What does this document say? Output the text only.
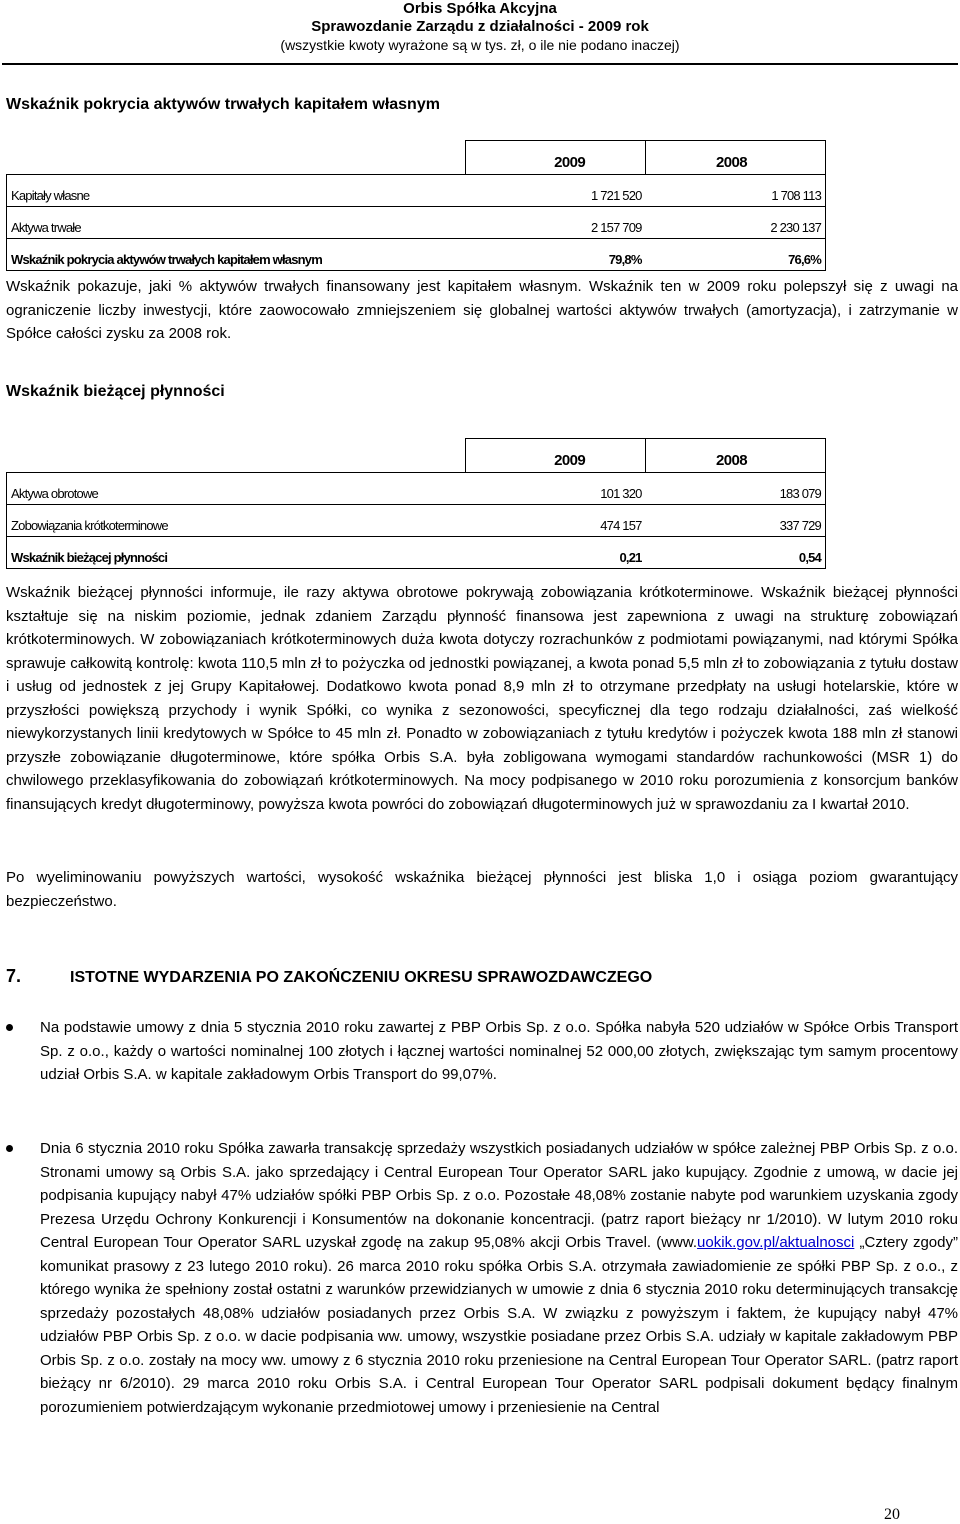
Orbis Spółka Akcyjna
Sprawozdanie Zarządu z działalności - 2009 rok
(wszystkie kwoty wyrażone są w tys. zł, o ile nie podano inaczej)
Wskaźnik pokrycia aktywów trwałych kapitałem własnym
	2009	2008
Kapitały własne	1 721 520	1 708 113
Aktywa trwałe	2 157 709	2 230 137
Wskaźnik pokrycia aktywów trwałych kapitałem własnym	79,8%	76,6%
Wskaźnik pokazuje, jaki % aktywów trwałych finansowany jest kapitałem własnym. Wskaźnik ten w 2009 roku polepszył się z uwagi na ograniczenie liczby inwestycji, które zaowocowało zmniejszeniem się globalnej wartości aktywów trwałych (amortyzacja), i zatrzymanie w Spółce całości zysku za 2008 rok.
Wskaźnik bieżącej płynności
	2009	2008
Aktywa obrotowe	101 320	183 079
Zobowiązania krótkoterminowe	474 157	337 729
Wskaźnik bieżącej płynności	0,21	0,54
Wskaźnik bieżącej płynności informuje, ile razy aktywa obrotowe pokrywają zobowiązania krótkoterminowe. Wskaźnik bieżącej płynności kształtuje się na niskim poziomie, jednak zdaniem Zarządu płynność finansowa jest zapewniona z uwagi na strukturę zobowiązań krótkoterminowych. W zobowiązaniach krótkoterminowych duża kwota dotyczy rozrachunków z podmiotami powiązanymi, nad którymi Spółka sprawuje całkowitą kontrolę: kwota 110,5 mln zł to pożyczka od jednostki powiązanej, a kwota ponad 5,5 mln zł to zobowiązania z tytułu dostaw i usług od jednostek z jej Grupy Kapitałowej. Dodatkowo kwota ponad 8,9 mln zł to otrzymane przedpłaty na usługi hotelarskie, które w przyszłości powiększą przychody i wynik Spółki, co wynika z sezonowości, specyficznej dla tego rodzaju działalności, zaś wielkość niewykorzystanych linii kredytowych w Spółce to 45 mln zł. Ponadto w zobowiązaniach z tytułu kredytów i pożyczek kwota 188 mln zł stanowi przyszłe zobowiązanie długoterminowe, które spółka Orbis S.A. była zobligowana wymogami standardów rachunkowości (MSR 1) do chwilowego przeklasyfikowania do zobowiązań krótkoterminowych. Na mocy podpisanego w 2010 roku porozumienia z konsorcjum banków finansujących kredyt długoterminowy, powyższa kwota powróci do zobowiązań długoterminowych już w sprawozdaniu za I kwartał 2010.
Po wyeliminowaniu powyższych wartości, wysokość wskaźnika bieżącej płynności jest bliska 1,0 i osiąga poziom gwarantujący bezpieczeństwo.
7.	ISTOTNE WYDARZENIA PO ZAKOŃCZENIU OKRESU SPRAWOZDAWCZEGO
Na podstawie umowy z dnia 5 stycznia 2010 roku zawartej z PBP Orbis Sp. z o.o. Spółka nabyła 520 udziałów w Spółce Orbis Transport Sp. z o.o., każdy o wartości nominalnej 100 złotych i łącznej wartości nominalnej 52 000,00 złotych, zwiększając tym samym procentowy udział Orbis S.A. w kapitale zakładowym Orbis Transport do 99,07%.
Dnia 6 stycznia 2010 roku Spółka zawarła transakcję sprzedaży wszystkich posiadanych udziałów w spółce zależnej PBP Orbis Sp. z o.o. Stronami umowy są Orbis S.A. jako sprzedający i Central European Tour Operator SARL jako kupujący. Zgodnie z umową, w dacie jej podpisania kupujący nabył 47% udziałów spółki PBP Orbis Sp. z o.o. Pozostałe 48,08% zostanie nabyte pod warunkiem uzyskania zgody Prezesa Urzędu Ochrony Konkurencji i Konsumentów na dokonanie koncentracji. (patrz raport bieżący nr 1/2010). W lutym 2010 roku Central European Tour Operator SARL uzyskał zgodę na zakup 95,08% akcji Orbis Travel. (www.uokik.gov.pl/aktualnosci „Cztery zgody” komunikat prasowy z 23 lutego 2010 roku). 26 marca 2010 roku spółka Orbis S.A. otrzymała zawiadomienie ze spółki PBP Sp. z o.o., z którego wynika że spełniony został ostatni z warunków przewidzianych w umowie z dnia 6 stycznia 2010 roku determinujących transakcję sprzedaży pozostałych 48,08% udziałów posiadanych przez Orbis S.A. W związku z powyższym i faktem, że kupujący nabył 47% udziałów PBP Orbis Sp. z o.o. w dacie podpisania ww. umowy, wszystkie posiadane przez Orbis S.A. udziały w kapitale zakładowym PBP Orbis Sp. z o.o. zostały na mocy ww. umowy z 6 stycznia 2010 roku przeniesione na Central European Tour Operator SARL. (patrz raport bieżący nr 6/2010). 29 marca 2010 roku Orbis S.A. i Central European Tour Operator SARL podpisali dokument będący finalnym porozumieniem potwierdzającym wykonanie przedmiotowej umowy i przeniesienie na Central
20
